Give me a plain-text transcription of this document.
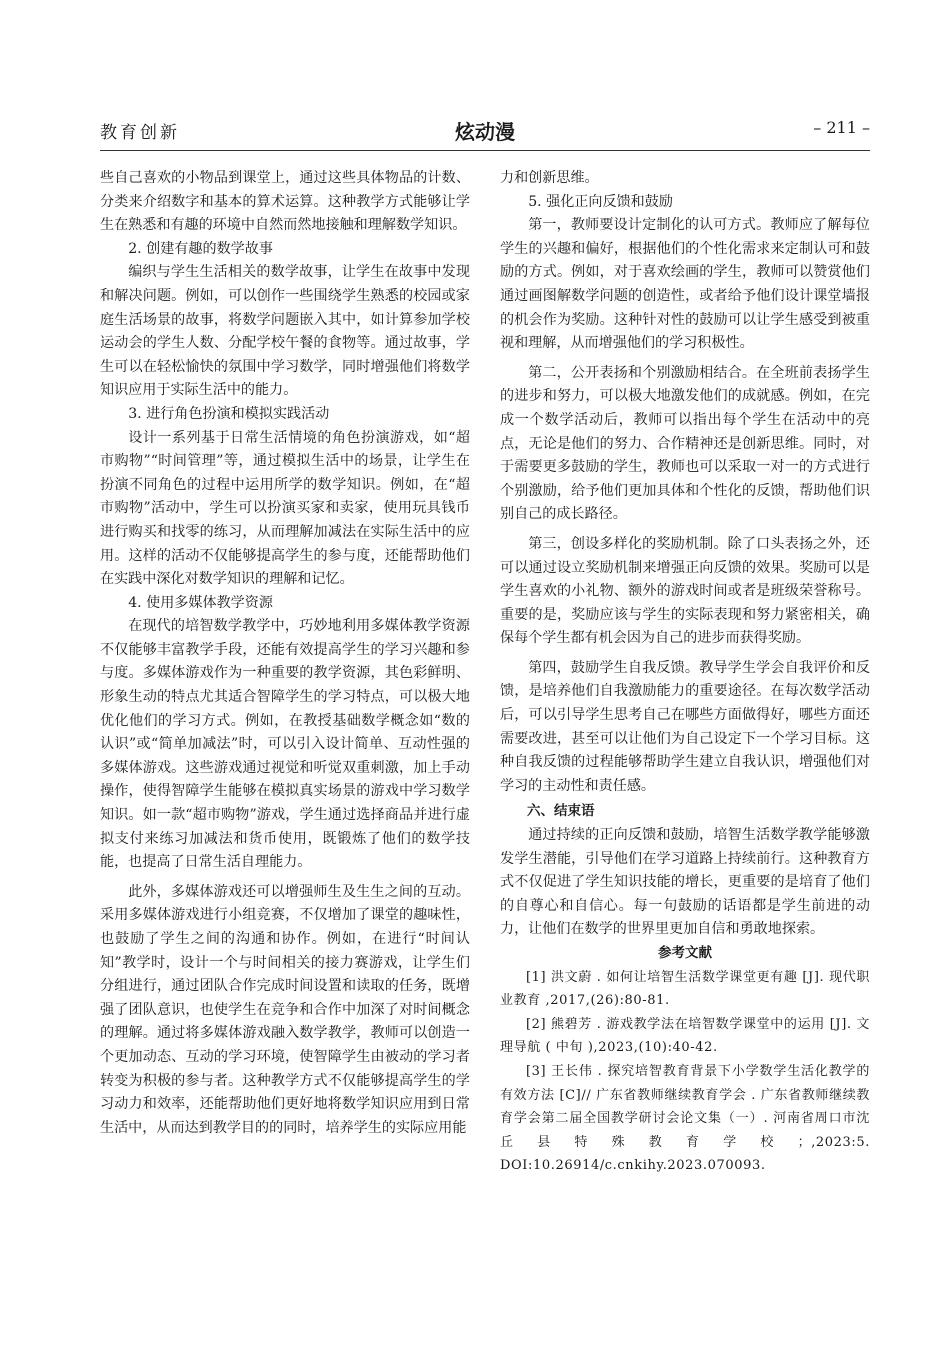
教育创新	炫动漫	– 211 –

些自己喜欢的小物品到课堂上，通过这些具体物品的计数、分类来介绍数字和基本的算术运算。这种教学方式能够让学生在熟悉和有趣的环境中自然而然地接触和理解数学知识。

2. 创建有趣的数学故事

编织与学生生活相关的数学故事，让学生在故事中发现和解决问题。例如，可以创作一些围绕学生熟悉的校园或家庭生活场景的故事，将数学问题嵌入其中，如计算参加学校运动会的学生人数、分配学校午餐的食物等。通过故事，学生可以在轻松愉快的氛围中学习数学，同时增强他们将数学知识应用于实际生活中的能力。

3. 进行角色扮演和模拟实践活动

设计一系列基于日常生活情境的角色扮演游戏，如“超市购物”“时间管理”等，通过模拟生活中的场景，让学生在扮演不同角色的过程中运用所学的数学知识。例如，在“超市购物”活动中，学生可以扮演买家和卖家，使用玩具钱币进行购买和找零的练习，从而理解加减法在实际生活中的应用。这样的活动不仅能够提高学生的参与度，还能帮助他们在实践中深化对数学知识的理解和记忆。

4. 使用多媒体教学资源

在现代的培智数学教学中，巧妙地利用多媒体教学资源不仅能够丰富教学手段，还能有效提高学生的学习兴趣和参与度。多媒体游戏作为一种重要的教学资源，其色彩鲜明、形象生动的特点尤其适合智障学生的学习特点，可以极大地优化他们的学习方式。例如，在教授基础数学概念如“数的认识”或“简单加减法”时，可以引入设计简单、互动性强的多媒体游戏。这些游戏通过视觉和听觉双重刺激，加上手动操作，使得智障学生能够在模拟真实场景的游戏中学习数学知识。如一款“超市购物”游戏，学生通过选择商品并进行虚拟支付来练习加减法和货币使用，既锻炼了他们的数学技能，也提高了日常生活自理能力。

此外，多媒体游戏还可以增强师生及生生之间的互动。采用多媒体游戏进行小组竞赛，不仅增加了课堂的趣味性，也鼓励了学生之间的沟通和协作。例如，在进行“时间认知”教学时，设计一个与时间相关的接力赛游戏，让学生们分组进行，通过团队合作完成时间设置和读取的任务，既增强了团队意识，也使学生在竞争和合作中加深了对时间概念的理解。通过将多媒体游戏融入数学教学，教师可以创造一个更加动态、互动的学习环境，使智障学生由被动的学习者转变为积极的参与者。这种教学方式不仅能够提高学生的学习动力和效率，还能帮助他们更好地将数学知识应用到日常生活中，从而达到教学目的的同时，培养学生的实际应用能

力和创新思维。

5. 强化正向反馈和鼓励

第一，教师要设计定制化的认可方式。教师应了解每位学生的兴趣和偏好，根据他们的个性化需求来定制认可和鼓励的方式。例如，对于喜欢绘画的学生，教师可以赞赏他们通过画图解数学问题的创造性，或者给予他们设计课堂墙报的机会作为奖励。这种针对性的鼓励可以让学生感受到被重视和理解，从而增强他们的学习积极性。

第二，公开表扬和个别激励相结合。在全班前表扬学生的进步和努力，可以极大地激发他们的成就感。例如，在完成一个数学活动后，教师可以指出每个学生在活动中的亮点，无论是他们的努力、合作精神还是创新思维。同时，对于需要更多鼓励的学生，教师也可以采取一对一的方式进行个别激励，给予他们更加具体和个性化的反馈，帮助他们识别自己的成长路径。

第三，创设多样化的奖励机制。除了口头表扬之外，还可以通过设立奖励机制来增强正向反馈的效果。奖励可以是学生喜欢的小礼物、额外的游戏时间或者是班级荣誉称号。重要的是，奖励应该与学生的实际表现和努力紧密相关，确保每个学生都有机会因为自己的进步而获得奖励。

第四，鼓励学生自我反馈。教导学生学会自我评价和反馈，是培养他们自我激励能力的重要途径。在每次数学活动后，可以引导学生思考自己在哪些方面做得好，哪些方面还需要改进，甚至可以让他们为自己设定下一个学习目标。这种自我反馈的过程能够帮助学生建立自我认识，增强他们对学习的主动性和责任感。

六、结束语

通过持续的正向反馈和鼓励，培智生活数学教学能够激发学生潜能，引导他们在学习道路上持续前行。这种教育方式不仅促进了学生知识技能的增长，更重要的是培育了他们的自尊心和自信心。每一句鼓励的话语都是学生前进的动力，让他们在数学的世界里更加自信和勇敢地探索。

参考文献

[1] 洪文蔚 . 如何让培智生活数学课堂更有趣 [J]. 现代职业教育 ,2017,(26):80-81.

[2] 熊碧芳 . 游戏教学法在培智数学课堂中的运用 [J]. 文理导航 ( 中旬 ),2023,(10):40-42.

[3] 王长伟 . 探究培智教育背景下小学数学生活化教学的有效方法 [C]// 广东省教师继续教育学会 . 广东省教师继续教育学会第二届全国教学研讨会论文集（一）. 河南省周口市沈丘县特殊教育学校；,2023:5. DOI:10.26914/c.cnkihy.2023.070093.
